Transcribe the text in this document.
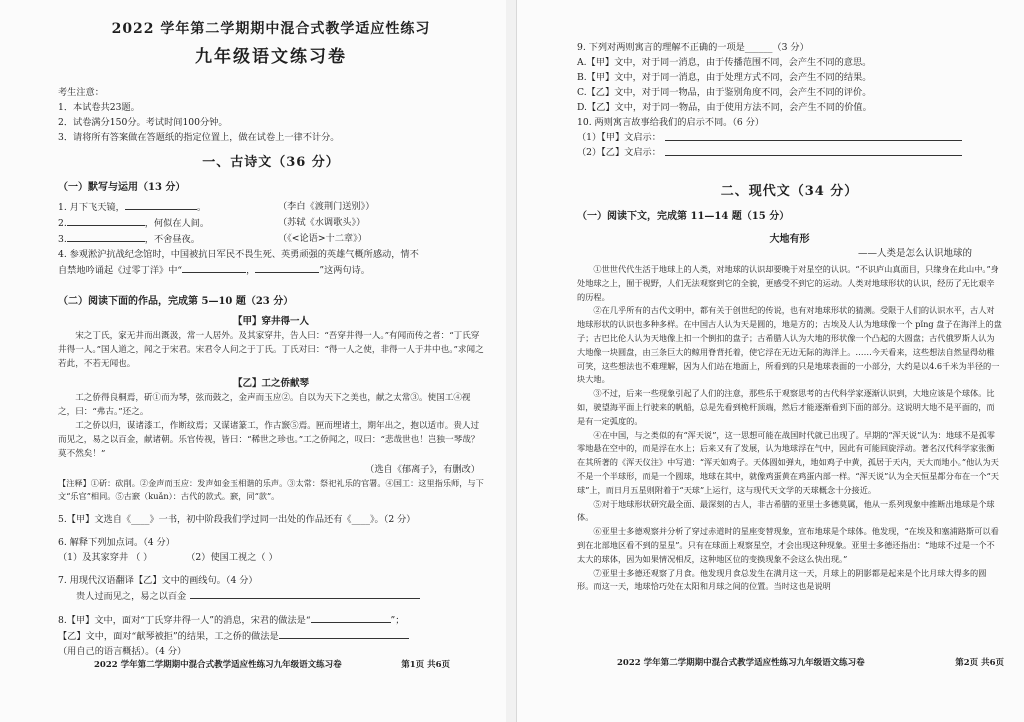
2022 学年第二学期期中混合式教学适应性练习
九年级语文练习卷
考生注意：
1．本试卷共23题。
2．试卷满分150分。考试时间100分钟。
3．请将所有答案做在答题纸的指定位置上，做在试卷上一律不计分。
一、古诗文（36 分）
（一）默写与运用（13 分）
1. 月下飞天镜，	。	（李白《渡荆门送别》）
2.	，何似在人间。	（苏轼《水调歌头》）
3.	，不舍昼夜。	（《<论语>十二章》）
4. 参观淞沪抗战纪念馆时，中国被抗日军民不畏生死、英勇顽强的英雄气概所感动，情不
自禁地吟诵起《过零丁洋》中“	，	”这两句诗。
（二）阅读下面的作品，完成第 5—10 题（23 分）
【甲】穿井得一人

宋之丁氏，家无井而出溉汲，常一人居外。及其家穿井，告人曰：“吾穿井得一人。”有闻而传之者：“丁氏穿井得一人。”国人道之，闻之于宋君。宋君令人问之于丁氏。丁氏对曰：“得一人之使，非得一人于井中也。”求闻之若此，不若无闻也。

【乙】工之侨献琴

工之侨得良桐焉，斫①而为琴，弦而鼓之，金声而玉应②。自以为天下之美也，献之太常③。使国工④视之，曰：“弗古。”还之。

工之侨以归，谋诸漆工，作断纹焉；又谋诸篆工，作古窾⑤焉。匣而埋诸土，期年出之，抱以适市。贵人过而见之，易之以百金，献诸朝。乐官传视，皆曰：“稀世之珍也。”工之侨闻之，叹曰：“悲哉世也！岂独一琴哉？莫不然矣！”

（选自《郁离子》，有删改）

【注释】①斫：砍削。②金声而玉应：发声如金玉相谐的乐声。③太常：祭祀礼乐的官署。④国工：这里指乐师，与下文“乐官”相同。⑤古窾（kuǎn）：古代的款式。窾，同“款”。

5.【甲】文选自《____》一书，初中阶段我们学过同一出处的作品还有《____》。（2 分）
6. 解释下列加点词。（4 分）
（1）及其家穿井 （ ）	（2）使国工视之（ ）
7. 用现代汉语翻译【乙】文中的画线句。（4 分）
贵人过而见之，易之以百金
8.【甲】文中，面对“丁氏穿井得一人”的消息，宋君的做法是“	”；
【乙】文中，面对“献琴被拒”的结果，工之侨的做法是
（用自己的语言概括）。（4 分）
2022 学年第二学期期中混合式教学适应性练习九年级语文练习卷	第1页 共6页
9. 下列对两则寓言的理解不正确的一项是______（3 分）
A.【甲】文中，对于同一消息，由于传播范围不同，会产生不同的意思。
B.【甲】文中，对于同一消息，由于处理方式不同，会产生不同的结果。
C.【乙】文中，对于同一物品，由于鉴别角度不同，会产生不同的评价。
D.【乙】文中，对于同一物品，由于使用方法不同，会产生不同的价值。
10. 两则寓言故事给我们的启示不同。（6 分）
（1）【甲】文启示：
（2）【乙】文启示：
二、现代文（34 分）
（一）阅读下文，完成第 11—14 题（15 分）
大地有形
——人类是怎么认识地球的

①世世代代生活于地球上的人类，对地球的认识却要晚于对星空的认识。“不识庐山真面目，只缘身在此山中。”身处地球之上，囿于视野，人们无法观察到它的全貌，更感受不到它的运动。人类对地球形状的认识，经历了无比艰辛的历程。

②在几乎所有的古代文明中，都有关于创世纪的传说，也有对地球形状的猜测。受限于人们的认识水平，古人对地球形状的认识也多种多样。在中国古人认为天是圆的，地是方的；古埃及人认为地球像一个 pǐng 盘子在海洋上的盘子；古巴比伦人认为天地像上扣一个倒扣的盘子；古希腊人认为大地的形状像一个凸起的大圆盘；古代俄罗斯人认为大地像一块圆盘，由三条巨大的鲸用脊背托着，使它浮在无边无际的海洋上。……今天看来，这些想法自然显得幼稚可笑，这些想法也不难理解，因为人们站在地面上，所看到的只是地球表面的一小部分，大约是以4.6千米为半径的一块大地。

③不过，后来一些现象引起了人们的注意，那些乐于观察思考的古代科学家逐渐认识到，大地应该是个球体。比如，驶望海平面上行驶来的帆船，总是先看到桅杆顶端，然后才能逐渐看到下面的部分。这说明大地不是平面的，而是有一定弧度的。

④在中国，与之类似的有“浑天说”，这一思想可能在战国时代就已出现了。早期的“浑天说”认为：地球不是孤零零地悬在空中的，而是浮在水上；后来又有了发展，认为地球浮在气中，因此有可能回旋浮动。著名汉代科学家张衡在其所著的《浑天仪注》中写道：“浑天如鸡子。天体圆如弹丸，地如鸡子中黄，孤居于天内，天大而地小。”他认为天不是一个半球形，而是一个圆球，地球在其中，就像鸡蛋黄在鸡蛋内部一样。“浑天说”认为全天恒星都分布在一个“天球”上，而日月五星则附着于“天球”上运行，这与现代天文学的天球概念十分接近。

⑤对于地球形状研究最全面、最深刻的古人，非古希腊的亚里士多德莫属，他从一系列现象中推断出地球是个球体。

⑥亚里士多德观察并分析了穿过赤道时的星座变替现象，宣布地球是个球体。他发现，“在埃及和塞浦路斯可以看到在北部地区看不到的星星”。只有在球面上观察星空，才会出现这种现象。亚里士多德还指出：“地球不过是一个不太大的球体，因为如果情况相反，这种地区位的变换现象不会这么快出现。”

⑦亚里士多德还观察了月食。他发现月食总发生在满月这一天，月球上的阴影都是起来是个比月球大得多的圆形。而这一天，地球恰巧处在太阳和月球之间的位置。当时这也是说明

2022 学年第二学期期中混合式教学适应性练习九年级语文练习卷	第2页 共6页
